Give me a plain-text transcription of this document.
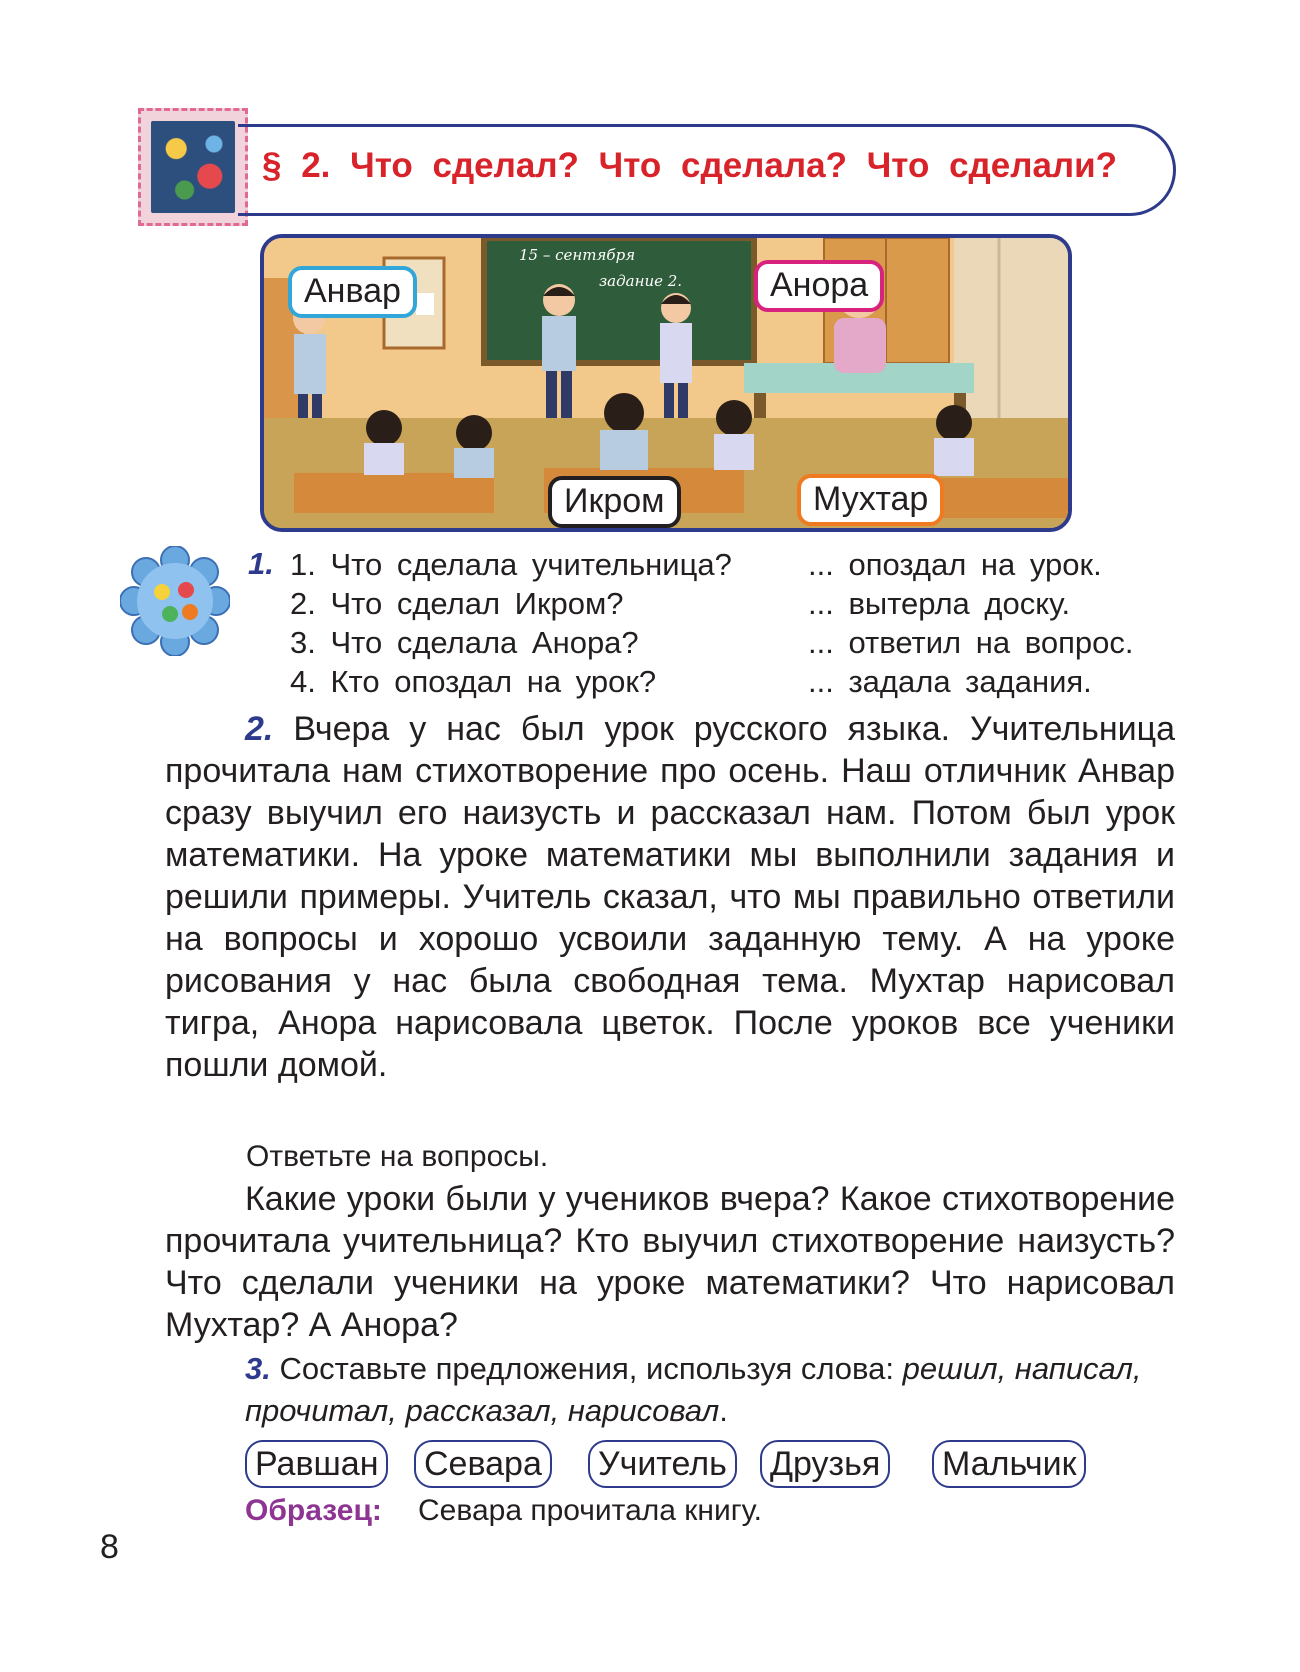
§ 2. Что сделал? Что сделала? Что сделали?
15 – сентября
задание 2.
Анвар	Анора
Икром	Мухтар
1. 1. Что сделала учительница?
2. Что сделал Икром?
3. Что сделала Анора?
4. Кто опоздал на урок?
... опоздал на урок.
... вытерла доску.
... ответил на вопрос.
... задала задания.

2. Вчера у нас был урок русского языка. Учительница прочитала нам стихотворение про осень. Наш отличник Анвар сразу выучил его наизусть и рассказал нам. Потом был урок математики. На уроке математики мы выполнили задания и решили примеры. Учитель сказал, что мы правильно ответили на вопросы и хорошо усвоили заданную тему. А на уроке рисования у нас была свободная тема. Мухтар нарисовал тигра, Анора нарисовала цветок. После уроков все ученики пошли домой.

Ответьте на вопросы.

Какие уроки были у учеников вчера? Какое стихотворение прочитала учительница? Кто выучил стихотворение наизусть? Что сделали ученики на уроке математики? Что нарисовал Мухтар? А Анора?

3. Составьте предложения, используя слова: решил, написал, прочитал, рассказал, нарисовал.
Равшан Севара Учитель Друзья Мальчик
Образец: Севара прочитала книгу.
8
